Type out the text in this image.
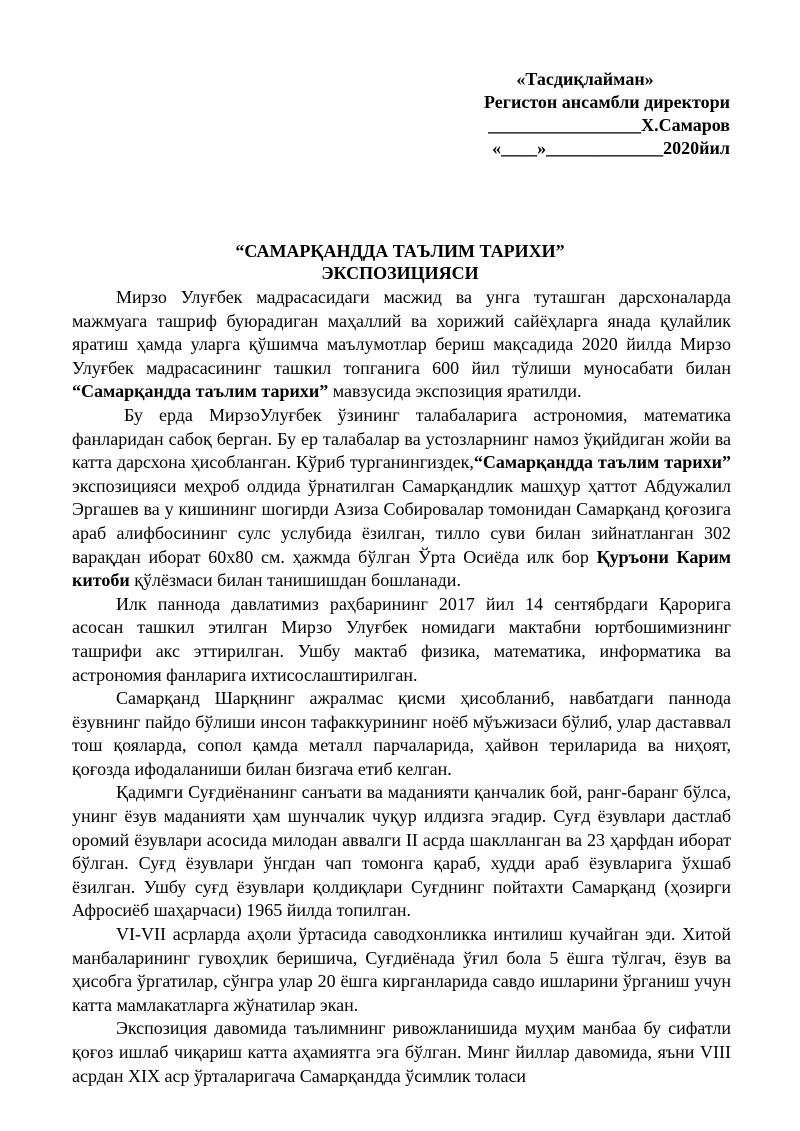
«Тасдиқлайман»
Регистон ансамбли директори
_________________Х.Самаров
«____»_____________2020йил
“САМАРҚАНДДА ТАЪЛИМ ТАРИХИ”
ЭКСПОЗИЦИЯСИ

Мирзо Улуғбек мадрасасидаги масжид ва унга туташган дарсхоналарда мажмуага ташриф буюрадиган маҳаллий ва хорижий сайёҳларга янада қулайлик яратиш ҳамда уларга қўшимча маълумотлар бериш мақсадида 2020 йилда Мирзо Улуғбек мадрасасининг ташкил топганига 600 йил тўлиши муносабати билан “Самарқандда таълим тарихи” мавзусида экспозиция яратилди.

Бу ерда МирзоУлуғбек ўзининг талабаларига астрономия, математика фанларидан сабоқ берган. Бу ер талабалар ва устозларнинг намоз ўқийдиган жойи ва катта дарсхона ҳисобланган. Кўриб турганингиздек,“Самарқандда таълим тарихи” экспозицияси меҳроб олдида ўрнатилган Самарқандлик машҳур ҳаттот Абдужалил Эргашев ва у кишининг шогирди Азиза Собировалар томонидан Самарқанд қоғозига араб алифбосининг сулс услубида ёзилган, тилло суви билан зийнатланган 302 варақдан иборат 60х80 см. ҳажмда бўлган Ўрта Осиёда илк бор Қуръони Карим китоби қўлёзмаси билан танишишдан бошланади.

Илк паннода давлатимиз раҳбарининг 2017 йил 14 сентябрдаги Қарорига асосан ташкил этилган Мирзо Улуғбек номидаги мактабни юртбошимизнинг ташрифи акс эттирилган. Ушбу мактаб физика, математика, информатика ва астрономия фанларига ихтисослаштирилган.

Самарқанд Шарқнинг ажралмас қисми ҳисобланиб, навбатдаги паннода ёзувнинг пайдо бўлиши инсон тафаккурининг ноёб мўъжизаси бўлиб, улар даставвал тош қояларда, сопол қамда металл парчаларида, ҳайвон териларида ва ниҳоят, қоғозда ифодаланиши билан бизгача етиб келган.

Қадимги Суғдиёнанинг санъати ва маданияти қанчалик бой, ранг-баранг бўлса, унинг ёзув маданияти ҳам шунчалик чуқур илдизга эгадир. Суғд ёзувлари дастлаб оромий ёзувлари асосида милодан аввалги II асрда шаклланган ва 23 ҳарфдан иборат бўлган. Суғд ёзувлари ўнгдан чап томонга қараб, худди араб ёзувларига ўхшаб ёзилган. Ушбу суғд ёзувлари қолдиқлари Суғднинг пойтахти Самарқанд (ҳозирги Афросиёб шаҳарчаси) 1965 йилда топилган.

VI-VII асрларда аҳоли ўртасида саводхонликка интилиш кучайган эди. Хитой манбаларининг гувоҳлик беришича, Суғдиёнада ўғил бола 5 ёшга тўлгач, ёзув ва ҳисобга ўргатилар, сўнгра улар 20 ёшга кирганларида савдо ишларини ўрганиш учун катта мамлакатларга жўнатилар экан.

Экспозиция давомида таълимнинг ривожланишида муҳим манбаа бу сифатли қоғоз ишлаб чиқариш катта аҳамиятга эга бўлган. Минг йиллар давомида, яъни VIII асрдан XIX аср ўрталаригача Самарқандда ўсимлик толаси
